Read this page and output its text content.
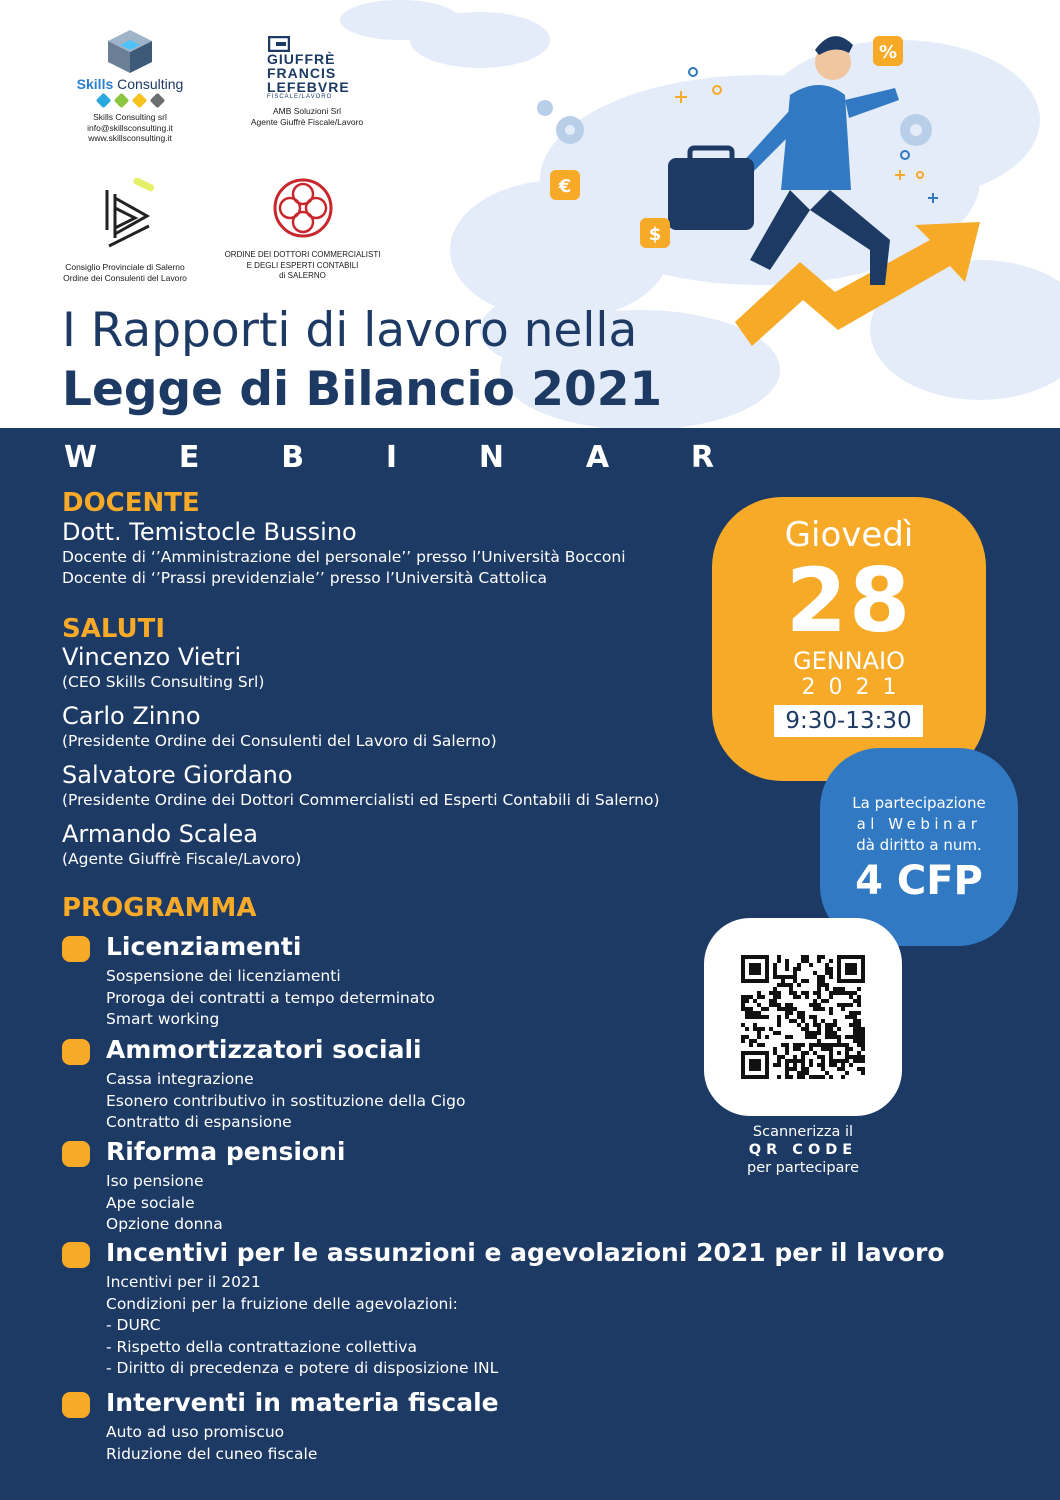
€
$
%
Skills Consulting
Skills Consulting srl
info@skillsconsulting.it
www.skillsconsulting.it
GIUFFRÈ
FRANCIS
LEFEBVRE
FISCALE/LAVORO
AMB Soluzioni Srl
Agente Giuffrè Fiscale/Lavoro
Consiglio Provinciale di Salerno
Ordine dei Consulenti del Lavoro
ORDINE DEI DOTTORI COMMERCIALISTI
E DEGLI ESPERTI CONTABILI
di SALERNO
I Rapporti di lavoro nella
Legge di Bilancio 2021
W	E	B	I	N	A	R
DOCENTE
Dott. Temistocle Bussino
Docente di ‘’Amministrazione del personale’’ presso l’Università Bocconi
Docente di ‘’Prassi previdenziale’’ presso l’Università Cattolica
SALUTI
Vincenzo Vietri
(CEO Skills Consulting Srl)
Carlo Zinno
(Presidente Ordine dei Consulenti del Lavoro di Salerno)
Salvatore Giordano
(Presidente Ordine dei Dottori Commercialisti ed Esperti Contabili di Salerno)
Armando Scalea
(Agente Giuffrè Fiscale/Lavoro)
PROGRAMMA
Licenziamenti
Sospensione dei licenziamenti
Proroga dei contratti a tempo determinato
Smart working
Ammortizzatori sociali
Cassa integrazione
Esonero contributivo in sostituzione della Cigo
Contratto di espansione
Riforma pensioni
Iso pensione
Ape sociale
Opzione donna
Incentivi per le assunzioni e agevolazioni 2021 per il lavoro
Incentivi per il 2021
Condizioni per la fruizione delle agevolazioni:
- DURC
- Rispetto della contrattazione collettiva
- Diritto di precedenza e potere di disposizione INL
Interventi in materia fiscale
Auto ad uso promiscuo
Riduzione del cuneo fiscale
Giovedì
28
GENNAIO
2021
9:30-13:30
La partecipazione
al Webinar
dà diritto a num.
4 CFP
Scannerizza il
QR CODE
per partecipare
